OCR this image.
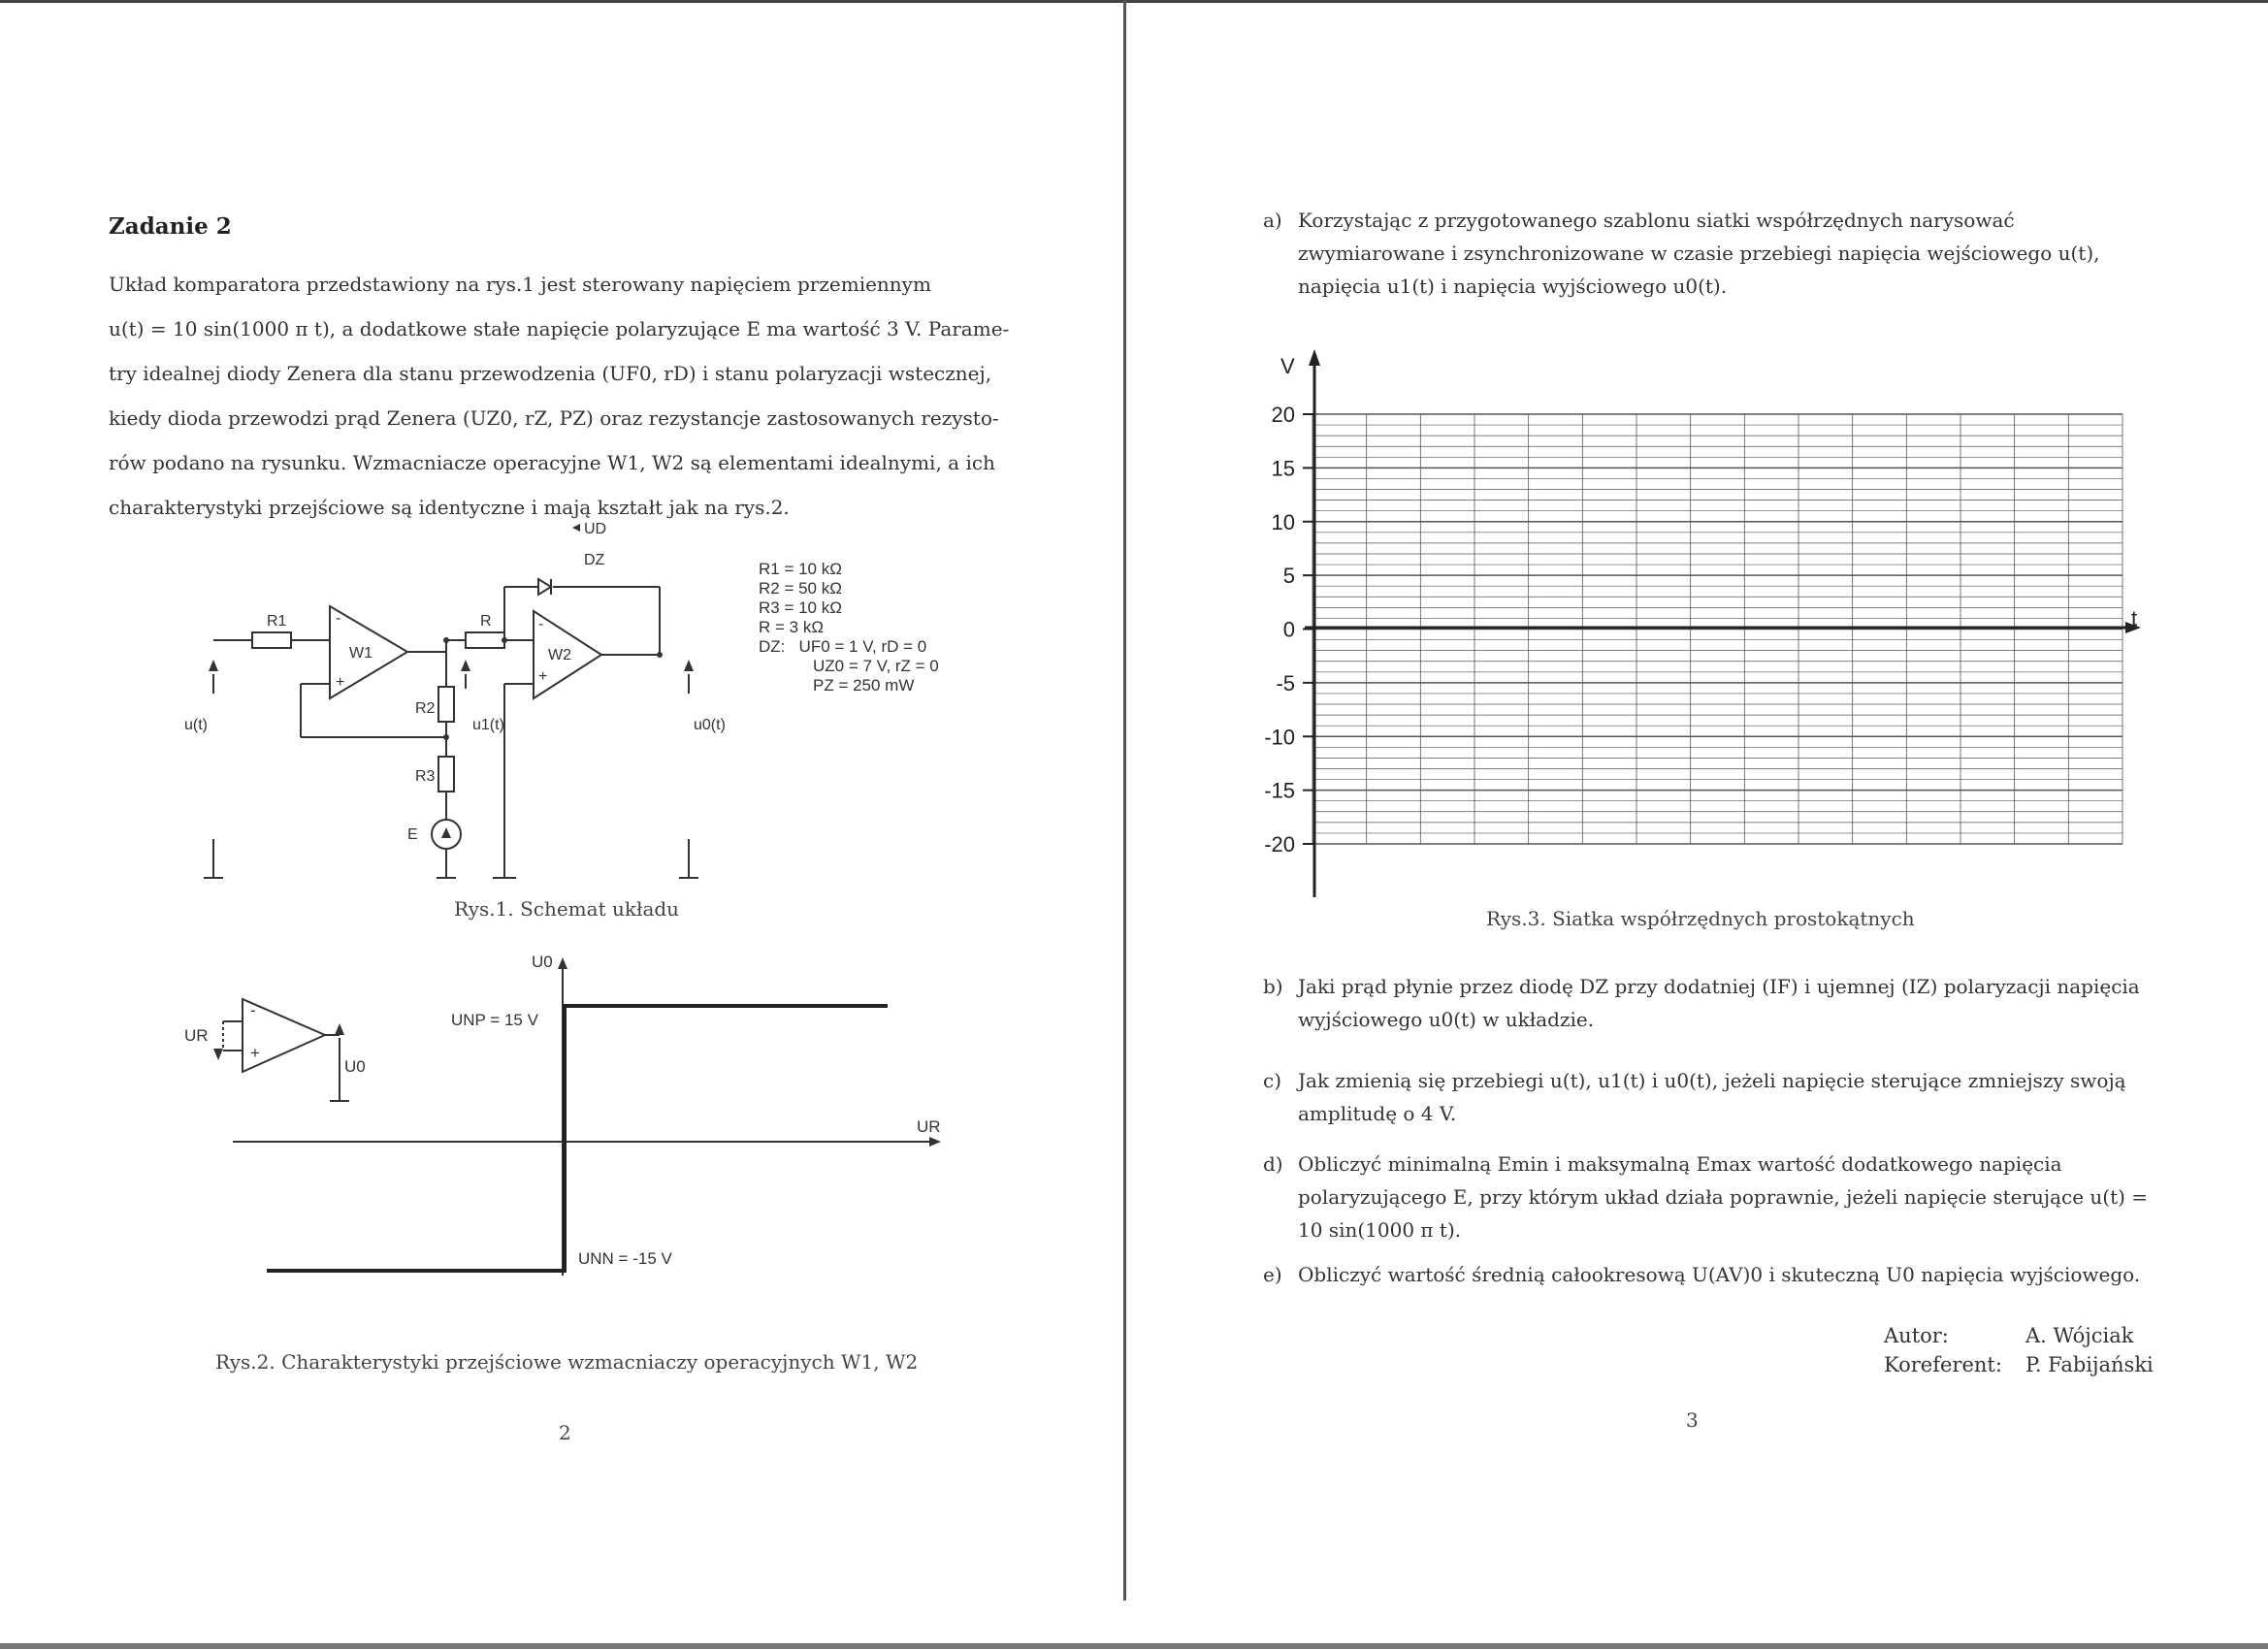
Zadanie 2

Układ komparatora przedstawiony na rys.1 jest sterowany napięciem przemiennym

u(t) = 10 sin(1000 π t), a dodatkowe stałe napięcie polaryzujące E ma wartość 3 V. Parame-

try idealnej diody Zenera dla stanu przewodzenia (UF0, rD) i stanu polaryzacji wstecznej,

kiedy dioda przewodzi prąd Zenera (UZ0, rZ, PZ) oraz rezystancje zastosowanych rezysto-

rów podano na rysunku. Wzmacniacze operacyjne W1, W2 są elementami idealnymi, a ich

charakterystyki przejściowe są identyczne i mają kształt jak na rys.2.

R1
W1
-
+
R2
R3
E
R
W2
-
+
DZ
UD
u(t)	u1(t)	u0(t)
R1 = 10 kΩ
R2 = 50 kΩ
R3 = 10 kΩ
R = 3 kΩ
DZ:   UF0 = 1 V, rD = 0
UZ0 = 7 V, rZ = 0
PZ = 250 mW
Rys.1. Schemat układu
U0
UR
UNP = 15 V
UNN = -15 V
UR
U0
-
+
Rys.2. Charakterystyki przejściowe wzmacniaczy operacyjnych W1, W2
2
a) Korzystając z przygotowanego szablonu siatki współrzędnych narysować zwymiarowane i zsynchronizowane w czasie przebiegi napięcia wejściowego u(t), napięcia u1(t) i napięcia wyjściowego u0(t).
V
t
20
15
10
5
0
-5
-10
-15
-20
Rys.3. Siatka współrzędnych prostokątnych
b) Jaki prąd płynie przez diodę DZ przy dodatniej (IF) i ujemnej (IZ) polaryzacji napięcia wyjściowego u0(t) w układzie.
c) Jak zmienią się przebiegi u(t), u1(t) i u0(t), jeżeli napięcie sterujące zmniejszy swoją amplitudę o 4 V.
d) Obliczyć minimalną Emin i maksymalną Emax wartość dodatkowego napięcia polaryzującego E, przy którym układ działa poprawnie, jeżeli napięcie sterujące u(t) = 10 sin(1000 π t).
e) Obliczyć wartość średnią całookresową U(AV)0 i skuteczną U0 napięcia wyjściowego.
Autor:	A. Wójciak
Koreferent:	P. Fabijański
3
